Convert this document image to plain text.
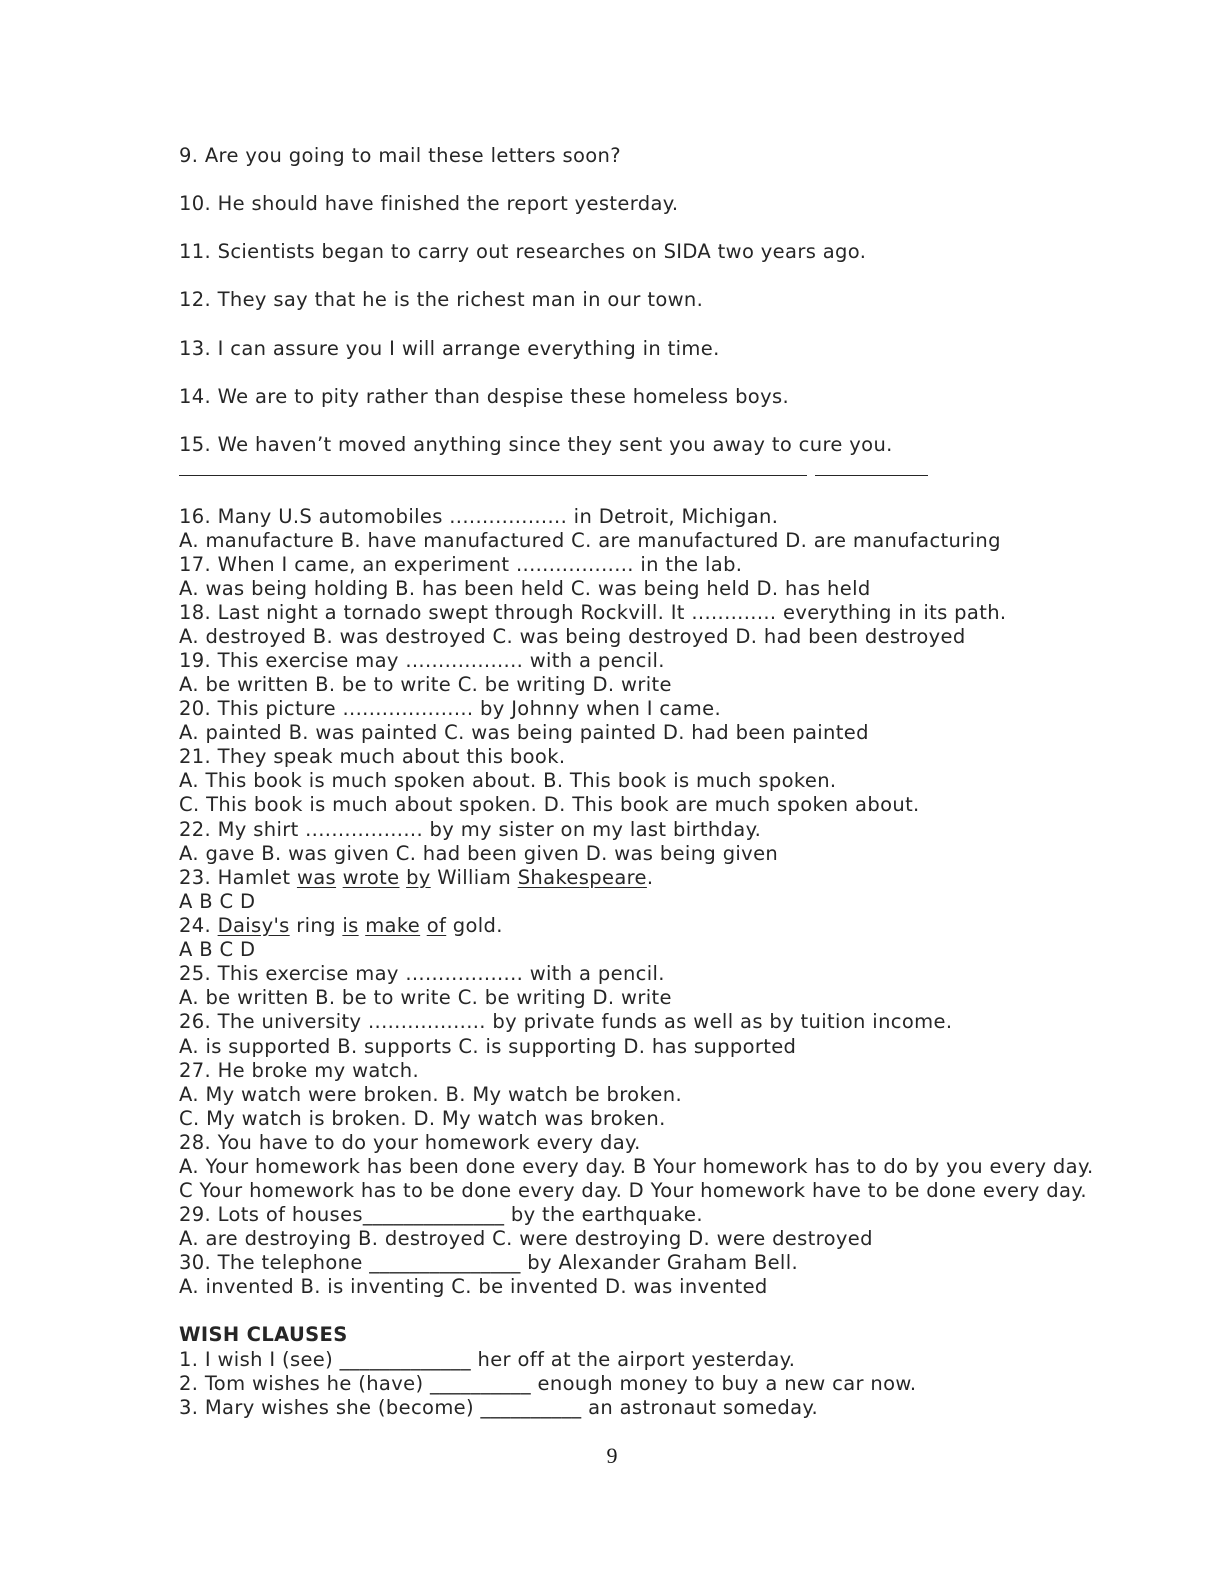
9. Are you going to mail these letters soon?
10. He should have finished the report yesterday.
11. Scientists began to carry out researches on SIDA two years ago.
12. They say that he is the richest man in our town.
13. I can assure you I will arrange everything in time.
14. We are to pity rather than despise these homeless boys.
15. We haven’t moved anything since they sent you away to cure you.
16. Many U.S automobiles .................. in Detroit, Michigan.
A. manufacture B. have manufactured C. are manufactured D. are manufacturing
17. When I came, an experiment .................. in the lab.
A. was being holding B. has been held C. was being held D. has held
18. Last night a tornado swept through Rockvill. It ............. everything in its path.
A. destroyed B. was destroyed C. was being destroyed D. had been destroyed
19. This exercise may .................. with a pencil.
A. be written B. be to write C. be writing D. write
20. This picture .................... by Johnny when I came.
A. painted B. was painted C. was being painted D. had been painted
21. They speak much about this book.
A. This book is much spoken about. B. This book is much spoken.
C. This book is much about spoken. D. This book are much spoken about.
22. My shirt .................. by my sister on my last birthday.
A. gave B. was given C. had been given D. was being given
23. Hamlet was wrote by William Shakespeare.
A B C D
24. Daisy's ring is make of gold.
A B C D
25. This exercise may .................. with a pencil.
A. be written B. be to write C. be writing D. write
26. The university .................. by private funds as well as by tuition income.
A. is supported B. supports C. is supporting D. has supported
27. He broke my watch.
A. My watch were broken. B. My watch be broken.
C. My watch is broken. D. My watch was broken.
28. You have to do your homework every day.
A. Your homework has been done every day. B Your homework has to do by you every day.
C Your homework has to be done every day. D Your homework have to be done every day.
29. Lots of houses______________ by the earthquake.
A. are destroying B. destroyed C. were destroying D. were destroyed
30. The telephone _______________ by Alexander Graham Bell.
A. invented B. is inventing C. be invented D. was invented
WISH CLAUSES
1. I wish I (see) _____________ her off at the airport yesterday.
2. Tom wishes he (have) __________ enough money to buy a new car now.
3. Mary wishes she (become) __________ an astronaut someday.
9
